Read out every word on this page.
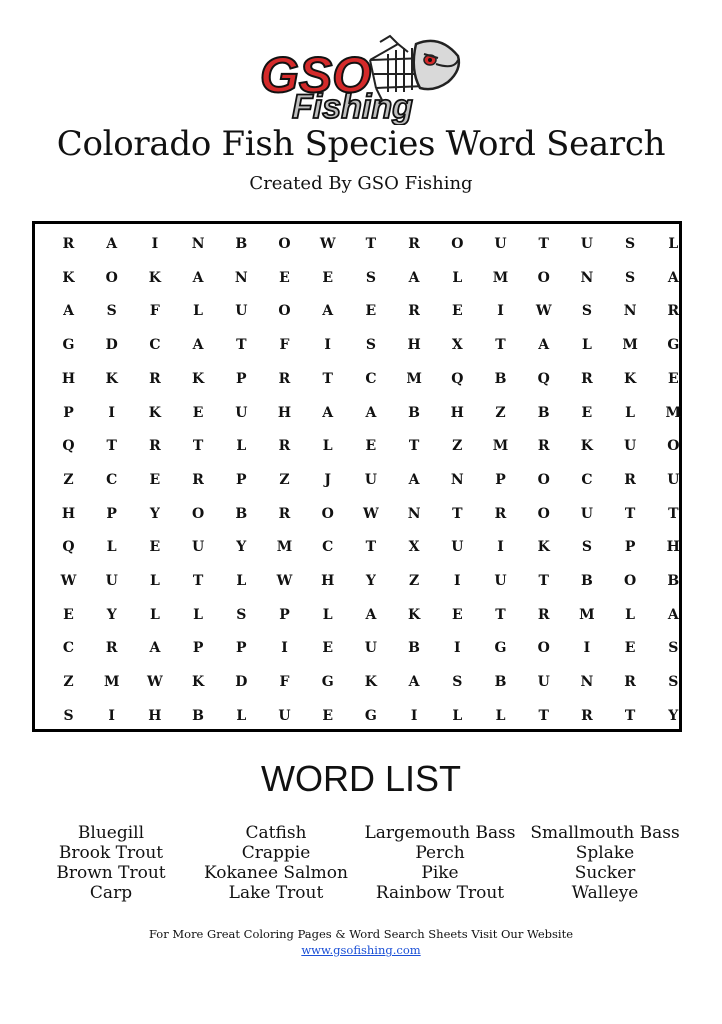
GSO
Fishing
Colorado Fish Species Word Search
Created By GSO Fishing
R	A	I	N	B	O	W	T	R	O	U	T	U	S	L
K	O	K	A	N	E	E	S	A	L	M	O	N	S	A
A	S	F	L	U	O	A	E	R	E	I	W	S	N	R
G	D	C	A	T	F	I	S	H	X	T	A	L	M	G
H	K	R	K	P	R	T	C	M	Q	B	Q	R	K	E
P	I	K	E	U	H	A	A	B	H	Z	B	E	L	M
Q	T	R	T	L	R	L	E	T	Z	M	R	K	U	O
Z	C	E	R	P	Z	J	U	A	N	P	O	C	R	U
H	P	Y	O	B	R	O	W	N	T	R	O	U	T	T
Q	L	E	U	Y	M	C	T	X	U	I	K	S	P	H
W	U	L	T	L	W	H	Y	Z	I	U	T	B	O	B
E	Y	L	L	S	P	L	A	K	E	T	R	M	L	A
C	R	A	P	P	I	E	U	B	I	G	O	I	E	S
Z	M	W	K	D	F	G	K	A	S	B	U	N	R	S
S	I	H	B	L	U	E	G	I	L	L	T	R	T	Y
WORD LIST
Bluegill
Brook Trout
Brown Trout
Carp
Catfish
Crappie
Kokanee Salmon
Lake Trout
Largemouth Bass
Perch
Pike
Rainbow Trout
Smallmouth Bass
Splake
Sucker
Walleye
For More Great Coloring Pages & Word Search Sheets Visit Our Website
www.gsofishing.com
